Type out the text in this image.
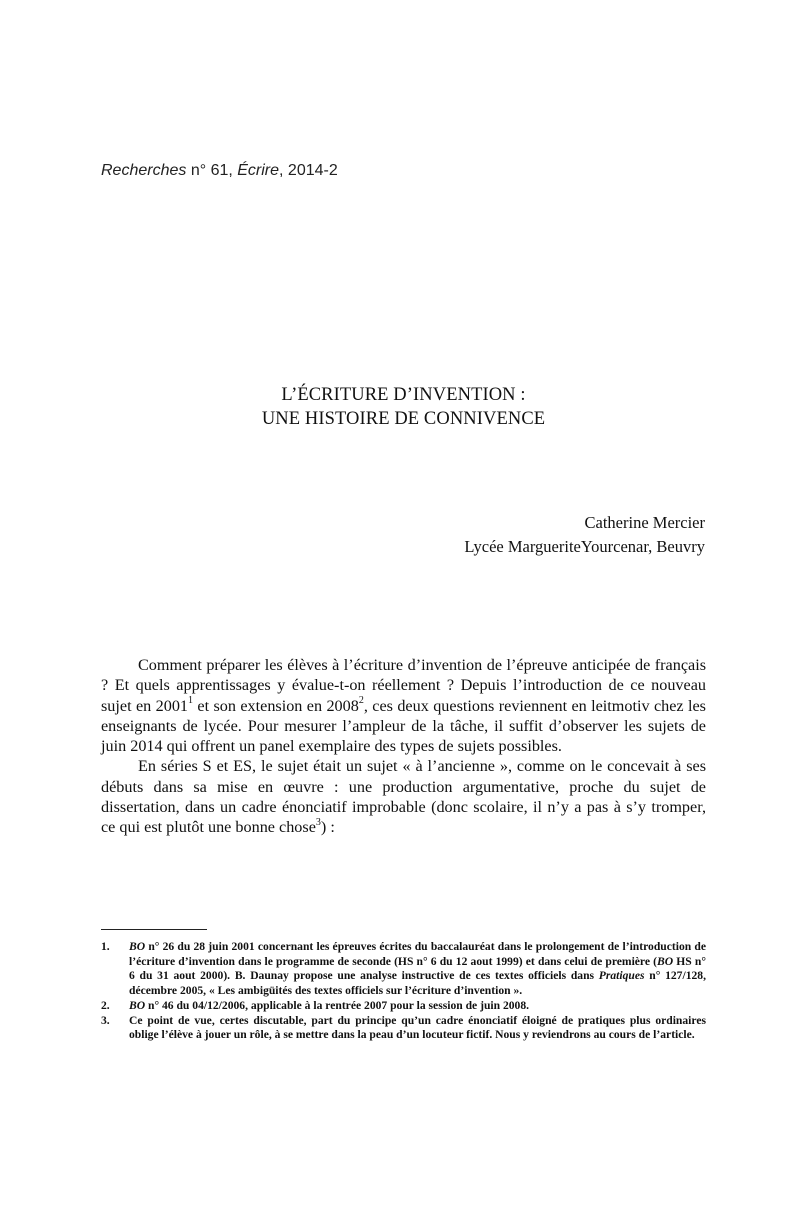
Recherches n° 61, Écrire, 2014-2
L’ÉCRITURE D’INVENTION :
UNE HISTOIRE DE CONNIVENCE
Catherine Mercier
Lycée MargueriteYourcenar, Beuvry

Comment préparer les élèves à l’écriture d’invention de l’épreuve anticipée de français ? Et quels apprentissages y évalue-t-on réellement ? Depuis l’introduction de ce nouveau sujet en 2001$^1$ et son extension en 2008$^2$, ces deux questions reviennent en leitmotiv chez les enseignants de lycée. Pour mesurer l’ampleur de la tâche, il suffit d’observer les sujets de juin 2014 qui offrent un panel exemplaire des types de sujets possibles.

En séries S et ES, le sujet était un sujet « à l’ancienne », comme on le concevait à ses débuts dans sa mise en œuvre : une production argumentative, proche du sujet de dissertation, dans un cadre énonciatif improbable (donc scolaire, il n’y a pas à s’y tromper, ce qui est plutôt une bonne chose$^3$) :

1.	BO n° 26 du 28 juin 2001 concernant les épreuves écrites du baccalauréat dans le prolongement de l’introduction de l’écriture d’invention dans le programme de seconde (HS n° 6 du 12 aout 1999) et dans celui de première (BO HS n° 6 du 31 aout 2000). B. Daunay propose une analyse instructive de ces textes officiels dans Pratiques n° 127/128, décembre 2005, « Les ambigüités des textes officiels sur l’écriture d’invention ».
2.	BO n° 46 du 04/12/2006, applicable à la rentrée 2007 pour la session de juin 2008.
3.	Ce point de vue, certes discutable, part du principe qu’un cadre énonciatif éloigné de pratiques plus ordinaires oblige l’élève à jouer un rôle, à se mettre dans la peau d’un locuteur fictif. Nous y reviendrons au cours de l’article.
